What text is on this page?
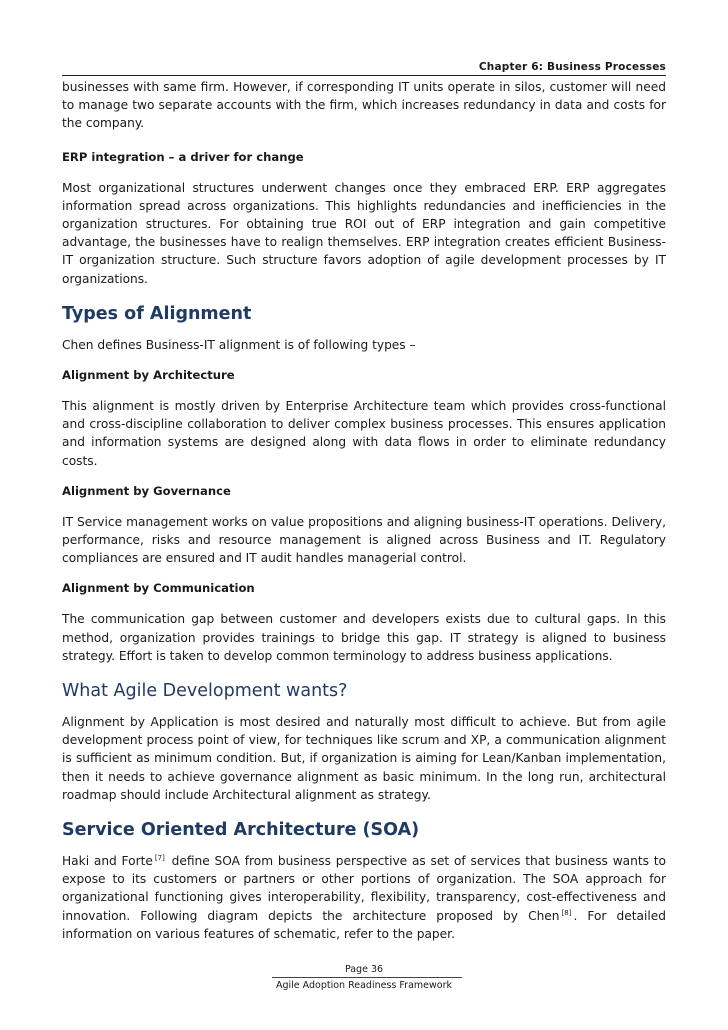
Chapter 6: Business Processes

businesses with same firm. However, if corresponding IT units operate in silos, customer will need to manage two separate accounts with the firm, which increases redundancy in data and costs for the company.

ERP integration – a driver for change

Most organizational structures underwent changes once they embraced ERP. ERP aggregates information spread across organizations. This highlights redundancies and inefficiencies in the organization structures. For obtaining true ROI out of ERP integration and gain competitive advantage, the businesses have to realign themselves. ERP integration creates efficient Business-IT organization structure. Such structure favors adoption of agile development processes by IT organizations.

Types of Alignment

Chen defines Business-IT alignment is of following types –

Alignment by Architecture

This alignment is mostly driven by Enterprise Architecture team which provides cross-functional and cross-discipline collaboration to deliver complex business processes. This ensures application and information systems are designed along with data flows in order to eliminate redundancy costs.

Alignment by Governance

IT Service management works on value propositions and aligning business-IT operations. Delivery, performance, risks and resource management is aligned across Business and IT. Regulatory compliances are ensured and IT audit handles managerial control.

Alignment by Communication

The communication gap between customer and developers exists due to cultural gaps. In this method, organization provides trainings to bridge this gap. IT strategy is aligned to business strategy. Effort is taken to develop common terminology to address business applications.

What Agile Development wants?

Alignment by Application is most desired and naturally most difficult to achieve. But from agile development process point of view, for techniques like scrum and XP, a communication alignment is sufficient as minimum condition. But, if organization is aiming for Lean/Kanban implementation, then it needs to achieve governance alignment as basic minimum. In the long run, architectural roadmap should include Architectural alignment as strategy.

Service Oriented Architecture (SOA)

Haki and Forte [7] define SOA from business perspective as set of services that business wants to expose to its customers or partners or other portions of organization. The SOA approach for organizational functioning gives interoperability, flexibility, transparency, cost-effectiveness and innovation. Following diagram depicts the architecture proposed by Chen [8] . For detailed information on various features of schematic, refer to the paper.

Page 36
Agile Adoption Readiness Framework
